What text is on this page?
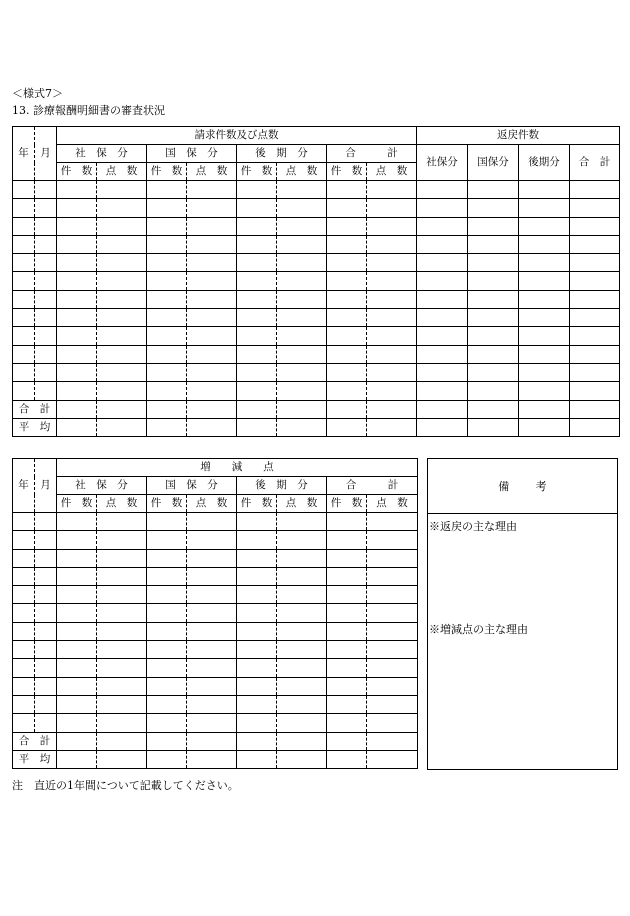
＜様式7＞
13. 診療報酬明細書の審査状況
年	月	請求件数及び点数								返戻件数			
		社　保　分		国　保　分		後　期　分		合　　　計		社保分	国保分	後期分	合　計
		件　数	点　数	件　数	点　数	件　数	点　数	件　数	点　数				

合　計													
平　均													
年	月	増　　減　　点							
		社　保　分		国　保　分		後　期　分		合　　　計	
		件　数	点　数	件　数	点　数	件　数	点　数	件　数	点　数

合　計									
平　均									
備考
※返戻の主な理由
※増減点の主な理由
注　直近の1年間について記載してください。
